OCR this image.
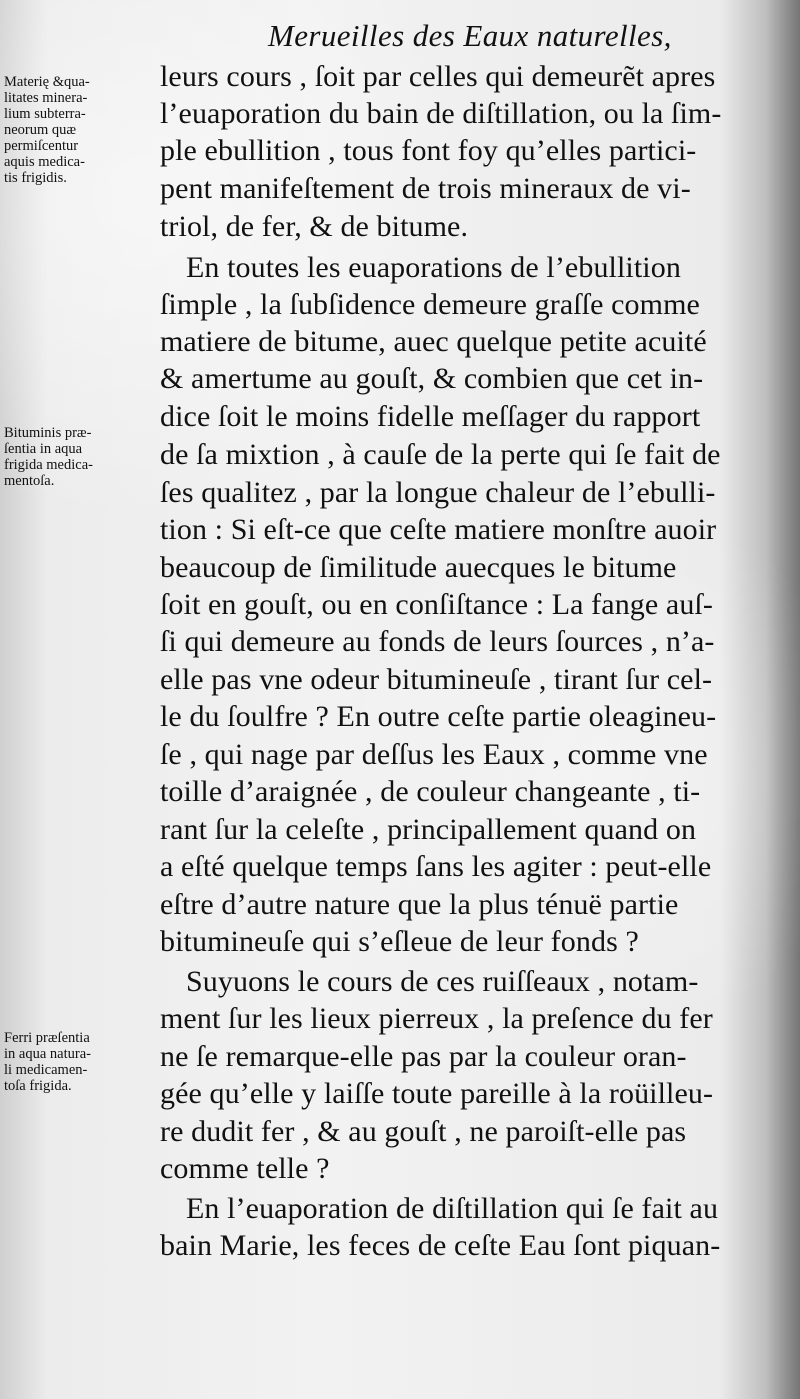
Merueilles des Eaux naturelles,
Materię &qua-
litates minera-
lium subterra-
neorum quæ
permiſcentur
aquis medica-
tis frigidis.
Bituminis præ-
ſentia in aqua
frigida medica-
mentoſa.
Ferri præſentia
in aqua natura-
li medicamen-
toſa frigida.
leurs cours , ſoit par celles qui demeurẽt apres
l’euaporation du bain de diſtillation, ou la ſim-
ple ebullition , tous font foy qu’elles partici-
pent manifeſtement de trois mineraux de vi-
triol, de fer, & de bitume.
En toutes les euaporations de l’ebullition
ſimple , la ſubſidence demeure graſſe comme
matiere de bitume, auec quelque petite acuité
& amertume au gouſt, & combien que cet in-
dice ſoit le moins fidelle meſſager du rapport
de ſa mixtion , à cauſe de la perte qui ſe fait de
ſes qualitez , par la longue chaleur de l’ebulli-
tion : Si eſt-ce que ceſte matiere monſtre auoir
beaucoup de ſimilitude auecques le bitume
ſoit en gouſt, ou en conſiſtance : La fange auſ-
ſi qui demeure au fonds de leurs ſources , n’a-
elle pas vne odeur bitumineuſe , tirant ſur cel-
le du ſoulfre ? En outre ceſte partie oleagineu-
ſe , qui nage par deſſus les Eaux , comme vne
toille d’araignée , de couleur changeante , ti-
rant ſur la celeſte , principallement quand on
a eſté quelque temps ſans les agiter : peut-elle
eſtre d’autre nature que la plus ténuë partie
bitumineuſe qui s’eſleue de leur fonds ?
Suyuons le cours de ces ruiſſeaux , notam-
ment ſur les lieux pierreux , la preſence du fer
ne ſe remarque-elle pas par la couleur oran-
gée qu’elle y laiſſe toute pareille à la roüilleu-
re dudit fer , & au gouſt , ne paroiſt-elle pas
comme telle ?
En l’euaporation de diſtillation qui ſe fait au
bain Marie, les feces de ceſte Eau ſont piquan-
